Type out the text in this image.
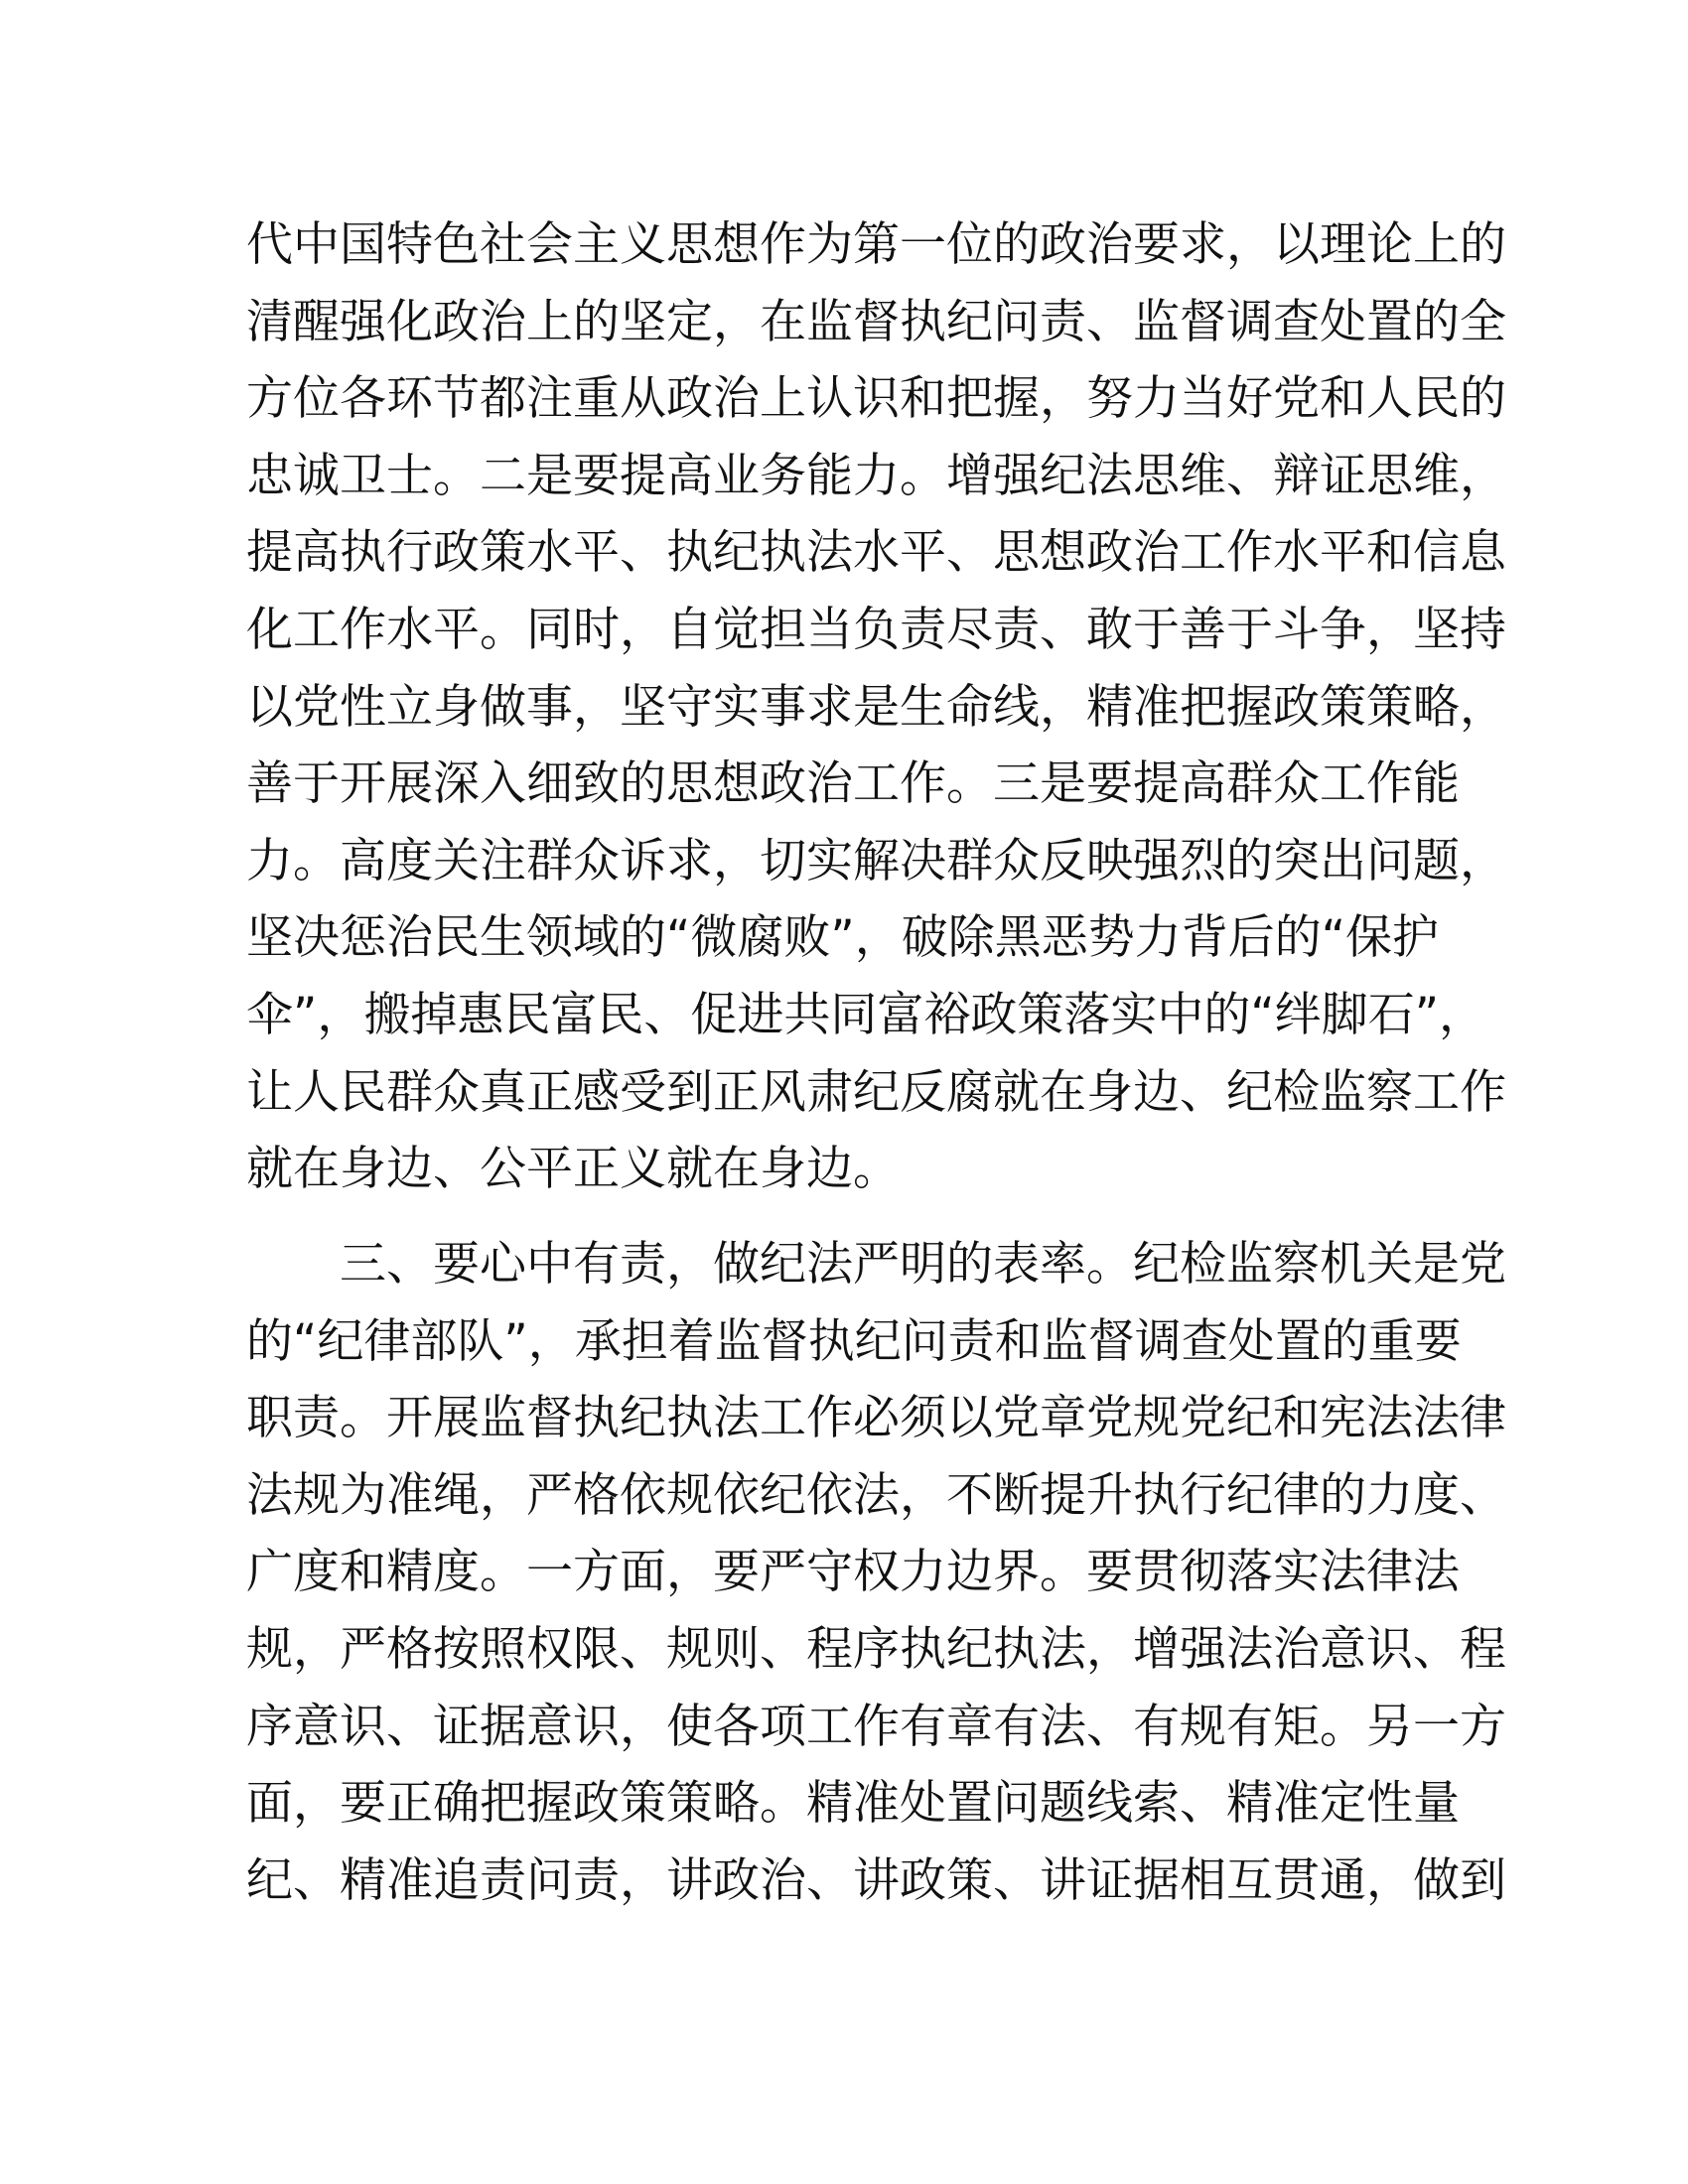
代中国特色社会主义思想作为第一位的政治要求，以理论上的
清醒强化政治上的坚定，在监督执纪问责、监督调查处置的全
方位各环节都注重从政治上认识和把握，努力当好党和人民的
忠诚卫士。二是要提高业务能力。增强纪法思维、辩证思维，
提高执行政策水平、执纪执法水平、思想政治工作水平和信息
化工作水平。同时，自觉担当负责尽责、敢于善于斗争，坚持
以党性立身做事，坚守实事求是生命线，精准把握政策策略，
善于开展深入细致的思想政治工作。三是要提高群众工作能
力。高度关注群众诉求，切实解决群众反映强烈的突出问题，
坚决惩治民生领域的“微腐败”，破除黑恶势力背后的“保护
伞”，搬掉惠民富民、促进共同富裕政策落实中的“绊脚石”，
让人民群众真正感受到正风肃纪反腐就在身边、纪检监察工作
就在身边、公平正义就在身边。
　　三、要心中有责，做纪法严明的表率。纪检监察机关是党
的“纪律部队”，承担着监督执纪问责和监督调查处置的重要
职责。开展监督执纪执法工作必须以党章党规党纪和宪法法律
法规为准绳，严格依规依纪依法，不断提升执行纪律的力度、
广度和精度。一方面，要严守权力边界。要贯彻落实法律法
规，严格按照权限、规则、程序执纪执法，增强法治意识、程
序意识、证据意识，使各项工作有章有法、有规有矩。另一方
面，要正确把握政策策略。精准处置问题线索、精准定性量
纪、精准追责问责，讲政治、讲政策、讲证据相互贯通，做到
